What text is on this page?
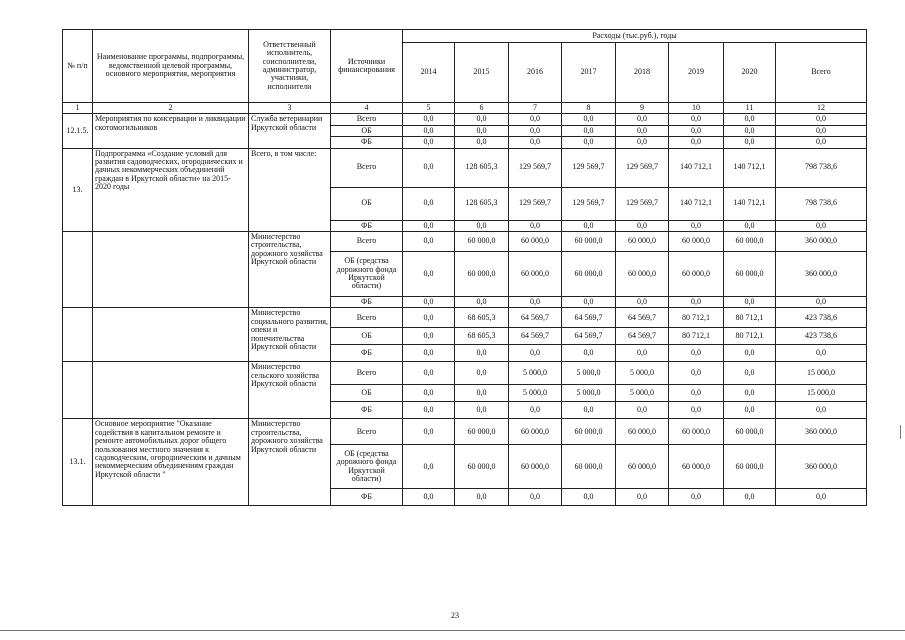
№ п/п	Наименование программы, подпрограммы, ведомственной целевой программы, основного мероприятия, мероприятия	Ответственный исполнитель, соисполнители, администратор, участники, исполнители	Источники финансирования	Расходы (тыс.руб.), годы							
				2014	2015	2016	2017	2018	2019	2020	Всего
1	2	3	4	5	6	7	8	9	10	11	12
12.1.5.	Мероприятия по консервации и ликвидации скотомогильников	Служба ветеринарии Иркутской области	Всего	0,0	0,0	0,0	0,0	0,0	0,0	0,0	0,0
			ОБ	0,0	0,0	0,0	0,0	0,0	0,0	0,0	0,0
			ФБ	0,0	0,0	0,0	0,0	0,0	0,0	0,0	0,0
13.	Подпрограмма «Создание условий для развития садоводческих, огороднических и дачных некоммерческих объединений граждан в Иркутской области» на 2015-2020 годы	Всего, в том числе:	Всего	0,0	128 605,3	129 569,7	129 569,7	129 569,7	140 712,1	140 712,1	798 738,6
			ОБ	0,0	128 605,3	129 569,7	129 569,7	129 569,7	140 712,1	140 712,1	798 738,6
			ФБ	0,0	0,0	0,0	0,0	0,0	0,0	0,0	0,0
		Министерство строительства, дорожного хозяйства Иркутской области	Всего	0,0	60 000,0	60 000,0	60 000,0	60 000,0	60 000,0	60 000,0	360 000,0
			ОБ (средства дорожного фонда Иркутской области)	0,0	60 000,0	60 000,0	60 000,0	60 000,0	60 000,0	60 000,0	360 000,0
			ФБ	0,0	0,0	0,0	0,0	0,0	0,0	0,0	0,0
		Министерство социального развития, опеки и попечительства Иркутской области	Всего	0,0	68 605,3	64 569,7	64 569,7	64 569,7	80 712,1	80 712,1	423 738,6
			ОБ	0,0	68 605,3	64 569,7	64 569,7	64 569,7	80 712,1	80 712,1	423 738,6
			ФБ	0,0	0,0	0,0	0,0	0,0	0,0	0,0	0,0
		Министерство сельского хозяйства Иркутской области	Всего	0,0	0,0	5 000,0	5 000,0	5 000,0	0,0	0,0	15 000,0
			ОБ	0,0	0,0	5 000,0	5 000,0	5 000,0	0,0	0,0	15 000,0
			ФБ	0,0	0,0	0,0	0,0	0,0	0,0	0,0	0,0
13.1.	Основное мероприятие "Оказание содействия в капитальном ремонте и ремонте автомобильных дорог общего пользования местного значения к садоводческим, огородническим и дачным некоммерческим объединениям граждан Иркутской области "	Министерство строительства, дорожного хозяйства Иркутской области	Всего	0,0	60 000,0	60 000,0	60 000,0	60 000,0	60 000,0	60 000,0	360 000,0
			ОБ (средства дорожного фонда Иркутской области)	0,0	60 000,0	60 000,0	60 000,0	60 000,0	60 000,0	60 000,0	360 000,0
			ФБ	0,0	0,0	0,0	0,0	0,0	0,0	0,0	0,0
23
